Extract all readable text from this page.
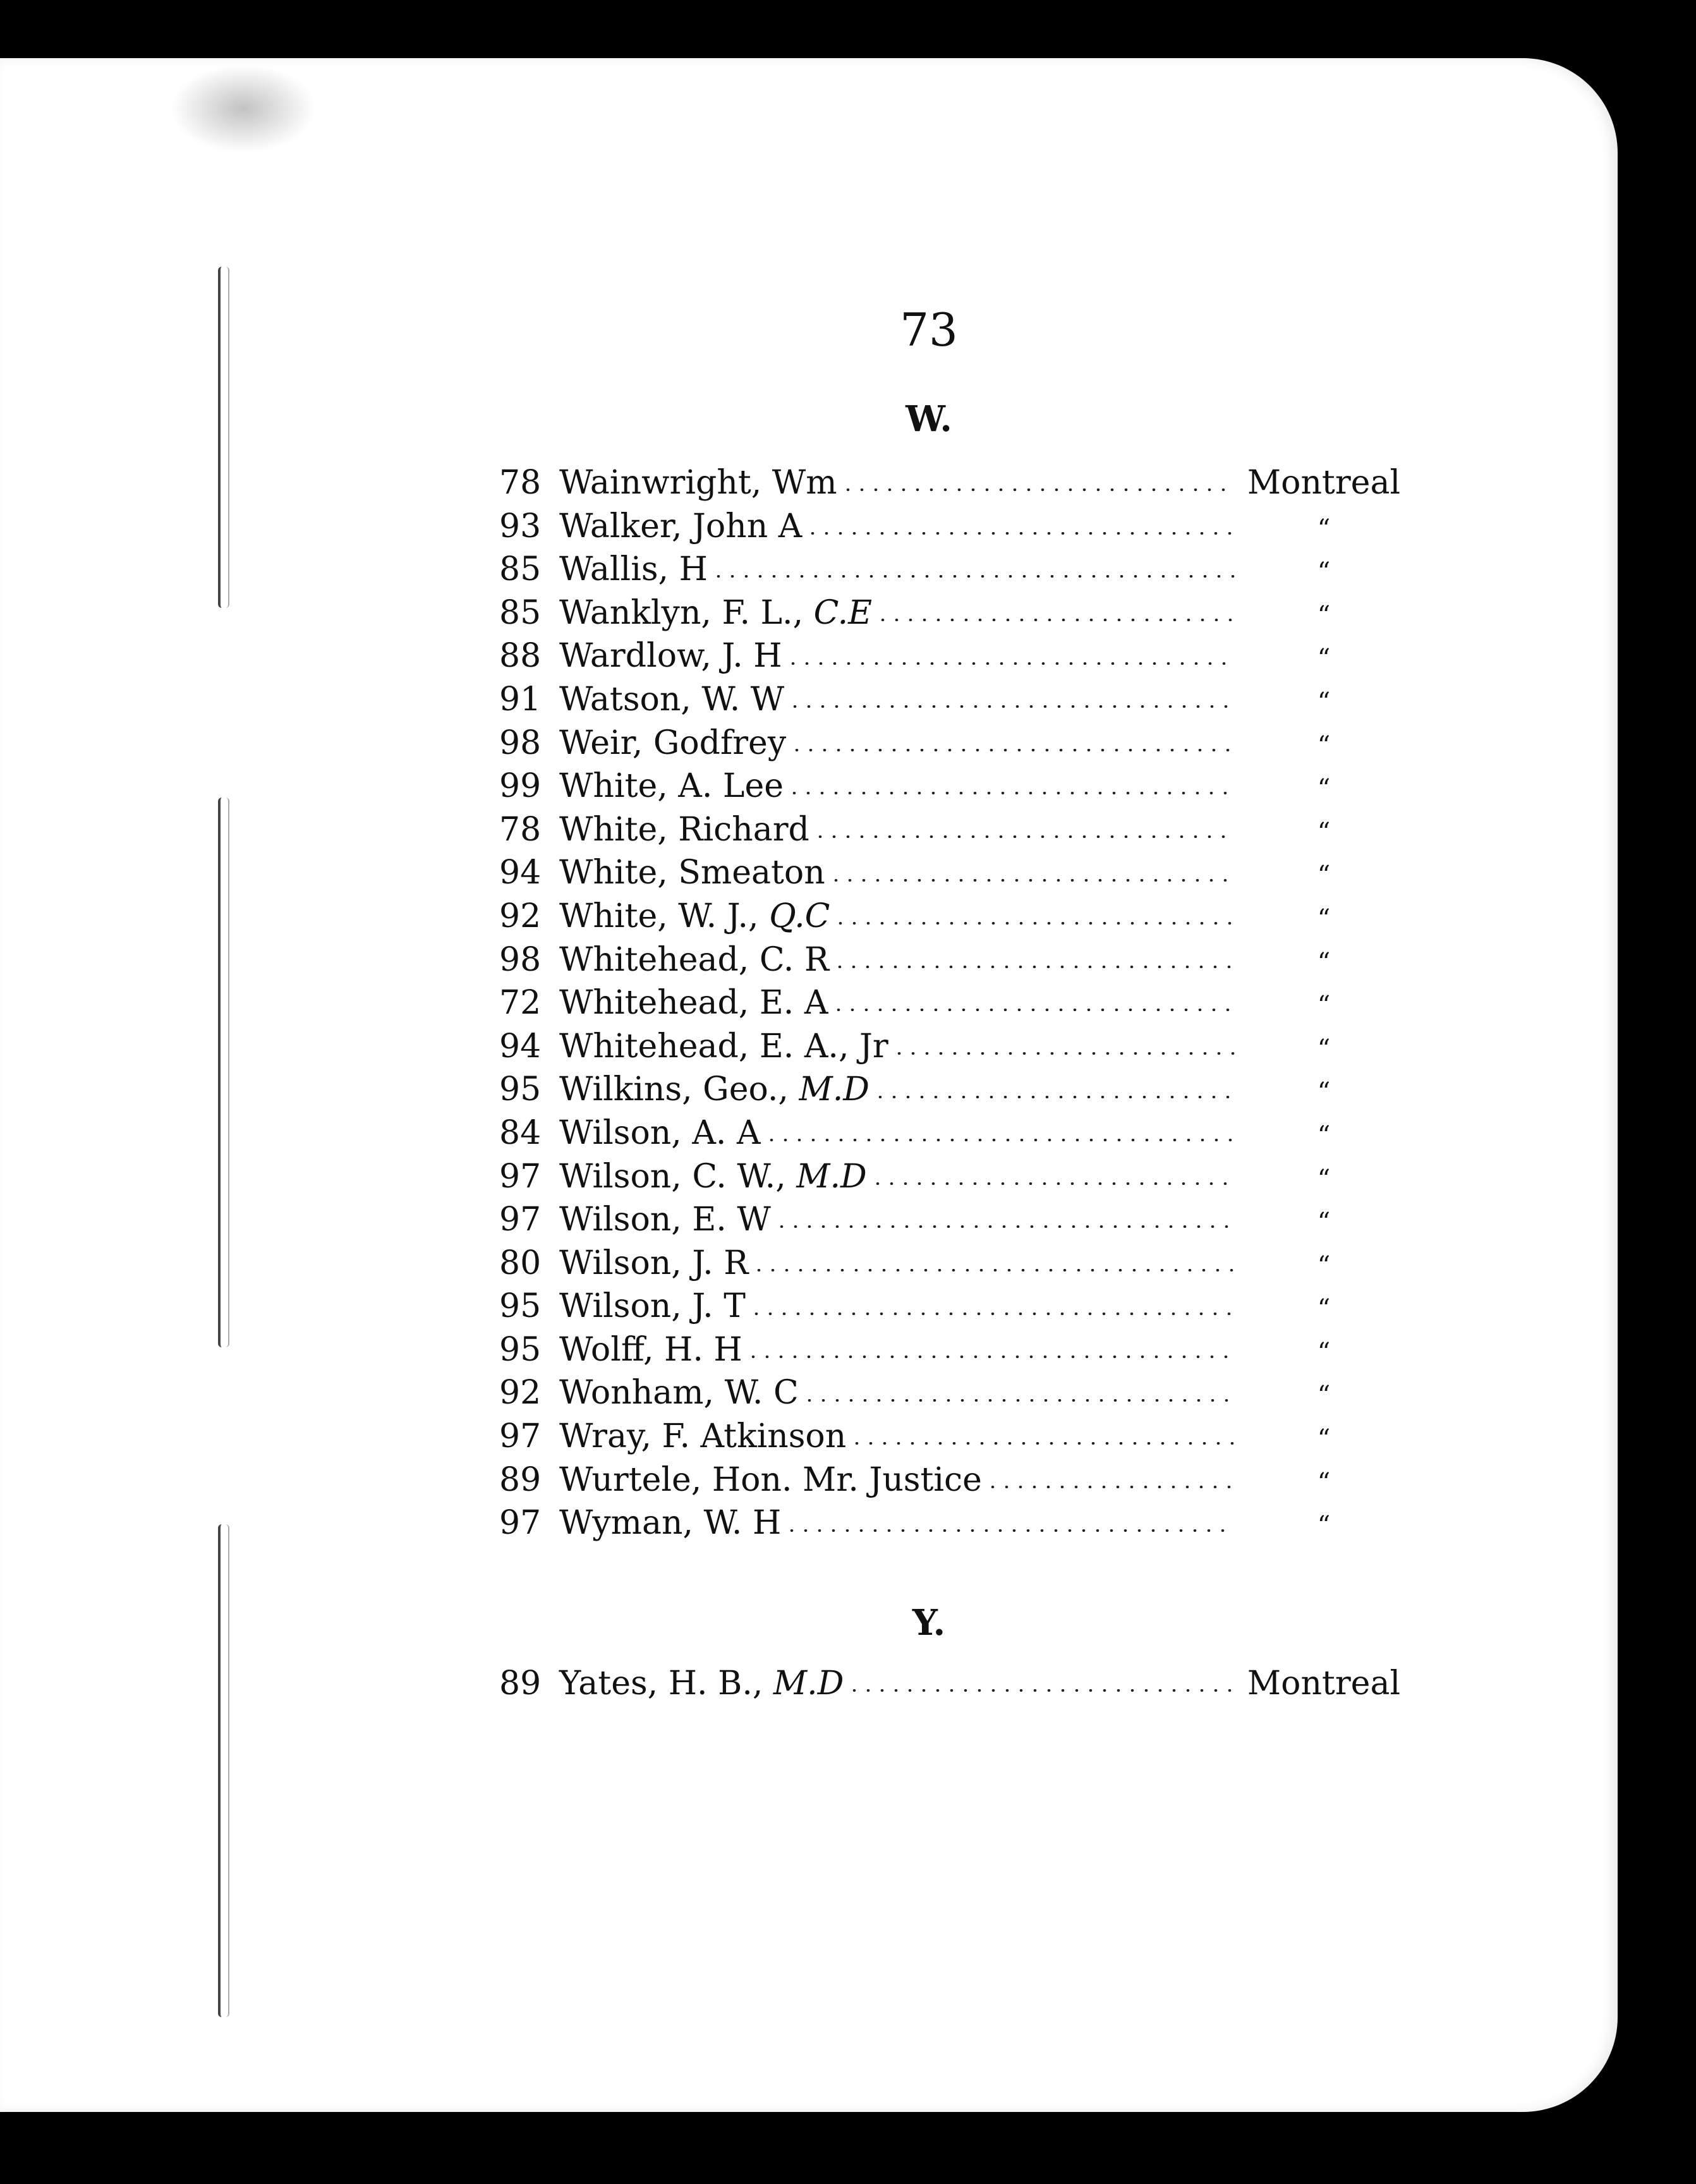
73
W.
78 Wainwright, Wm	Montreal
93 Walker, John A	“
85 Wallis, H	“
85 Wanklyn, F. L., C.E	“
88 Wardlow, J. H	“
91 Watson, W. W	“
98 Weir, Godfrey	“
99 White, A. Lee	“
78 White, Richard	“
94 White, Smeaton	“
92 White, W. J., Q.C	“
98 Whitehead, C. R	“
72 Whitehead, E. A	“
94 Whitehead, E. A., Jr	“
95 Wilkins, Geo., M.D	“
84 Wilson, A. A	“
97 Wilson, C. W., M.D	“
97 Wilson, E. W	“
80 Wilson, J. R	“
95 Wilson, J. T	“
95 Wolff, H. H	“
92 Wonham, W. C	“
97 Wray, F. Atkinson	“
89 Wurtele, Hon. Mr. Justice	“
97 Wyman, W. H	“
Y.
89 Yates, H. B., M.D	Montreal
